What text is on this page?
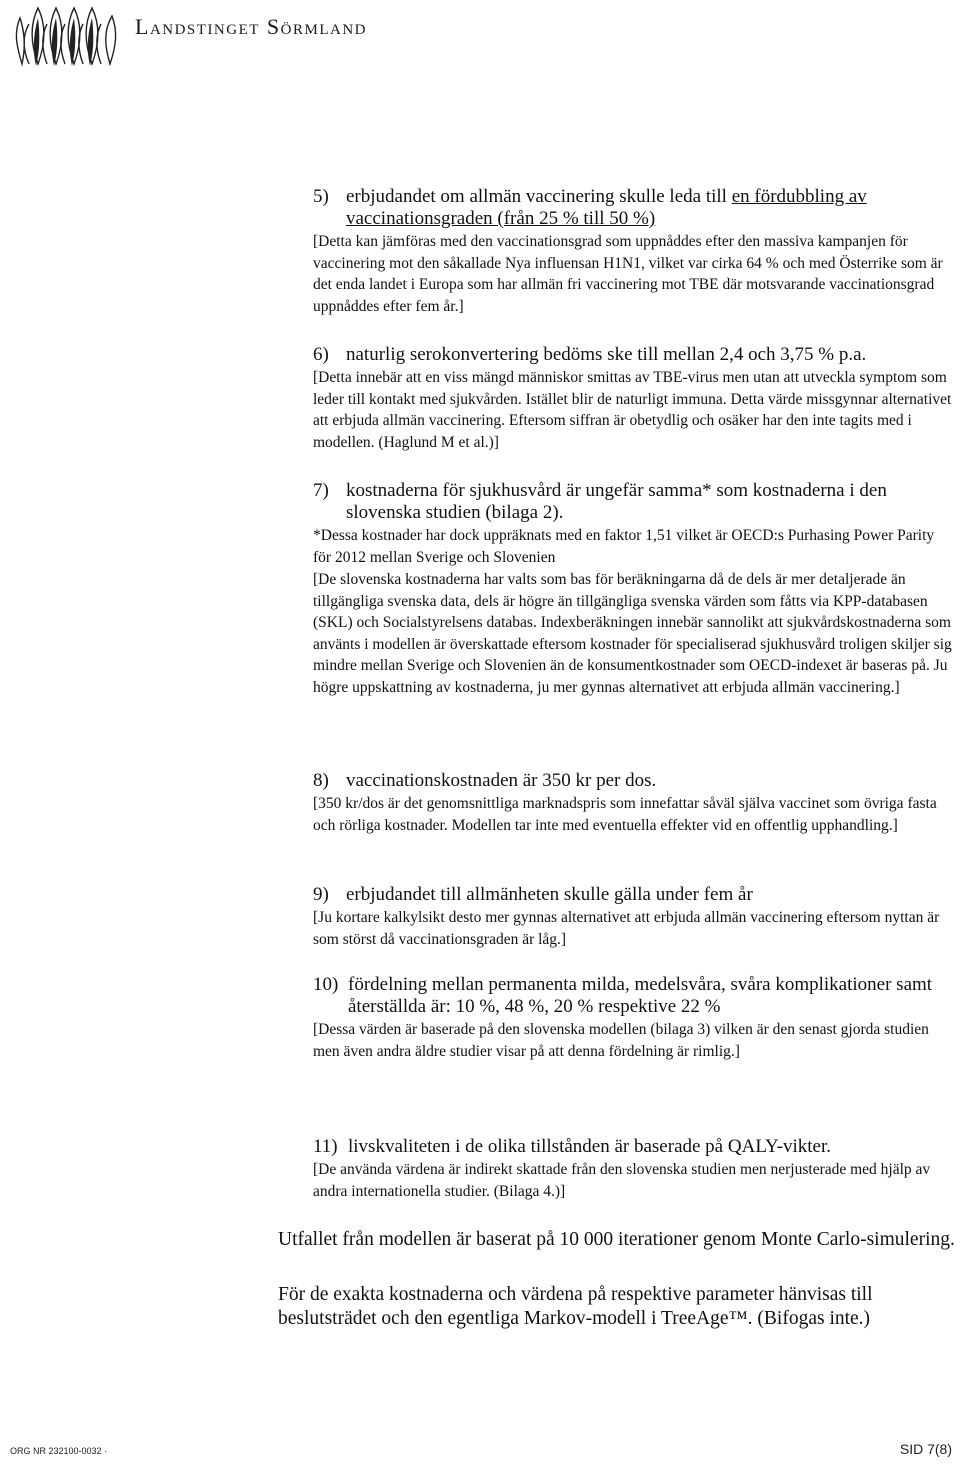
Landstinget Sörmland
5) erbjudandet om allmän vaccinering skulle leda till en fördubbling av vaccinationsgraden (från 25 % till 50 %)
[Detta kan jämföras med den vaccinationsgrad som uppnåddes efter den massiva kampanjen för vaccinering mot den såkallade Nya influensan H1N1, vilket var cirka 64 % och med Österrike som är det enda landet i Europa som har allmän fri vaccinering mot TBE där motsvarande vaccinationsgrad uppnåddes efter fem år.]
6) naturlig serokonvertering bedöms ske till mellan 2,4 och 3,75 % p.a.
[Detta innebär att en viss mängd människor smittas av TBE-virus men utan att utveckla symptom som leder till kontakt med sjukvården. Istället blir de naturligt immuna. Detta värde missgynnar alternativet att erbjuda allmän vaccinering. Eftersom siffran är obetydlig och osäker har den inte tagits med i modellen. (Haglund M et al.)]
7) kostnaderna för sjukhusvård är ungefär samma* som kostnaderna i den slovenska studien (bilaga 2).
*Dessa kostnader har dock uppräknats med en faktor 1,51 vilket är OECD:s Purhasing Power Parity för 2012 mellan Sverige och Slovenien
[De slovenska kostnaderna har valts som bas för beräkningarna då de dels är mer detaljerade än tillgängliga svenska data, dels är högre än tillgängliga svenska värden som fåtts via KPP-databasen (SKL) och Socialstyrelsens databas. Indexberäkningen innebär sannolikt att sjukvårdskostnaderna som använts i modellen är överskattade eftersom kostnader för specialiserad sjukhusvård troligen skiljer sig mindre mellan Sverige och Slovenien än de konsumentkostnader som OECD-indexet är baseras på. Ju högre uppskattning av kostnaderna, ju mer gynnas alternativet att erbjuda allmän vaccinering.]
8) vaccinationskostnaden är 350 kr per dos.
[350 kr/dos är det genomsnittliga marknadspris som innefattar såväl själva vaccinet som övriga fasta och rörliga kostnader. Modellen tar inte med eventuella effekter vid en offentlig upphandling.]
9) erbjudandet till allmänheten skulle gälla under fem år
[Ju kortare kalkylsikt desto mer gynnas alternativet att erbjuda allmän vaccinering eftersom nyttan är som störst då vaccinationsgraden är låg.]
10) fördelning mellan permanenta milda, medelsvåra, svåra komplikationer samt återställda är: 10 %, 48 %, 20 % respektive 22 %
[Dessa värden är baserade på den slovenska modellen (bilaga 3) vilken är den senast gjorda studien men även andra äldre studier visar på att denna fördelning är rimlig.]
11) livskvaliteten i de olika tillstånden är baserade på QALY-vikter.
[De använda värdena är indirekt skattade från den slovenska studien men nerjusterade med hjälp av andra internationella studier. (Bilaga 4.)]
Utfallet från modellen är baserat på 10 000 iterationer genom Monte Carlo-simulering.
För de exakta kostnaderna och värdena på respektive parameter hänvisas till beslutsträdet och den egentliga Markov-modell i TreeAge™. (Bifogas inte.)
ORG NR 232100-0032 ·	SID 7(8)
